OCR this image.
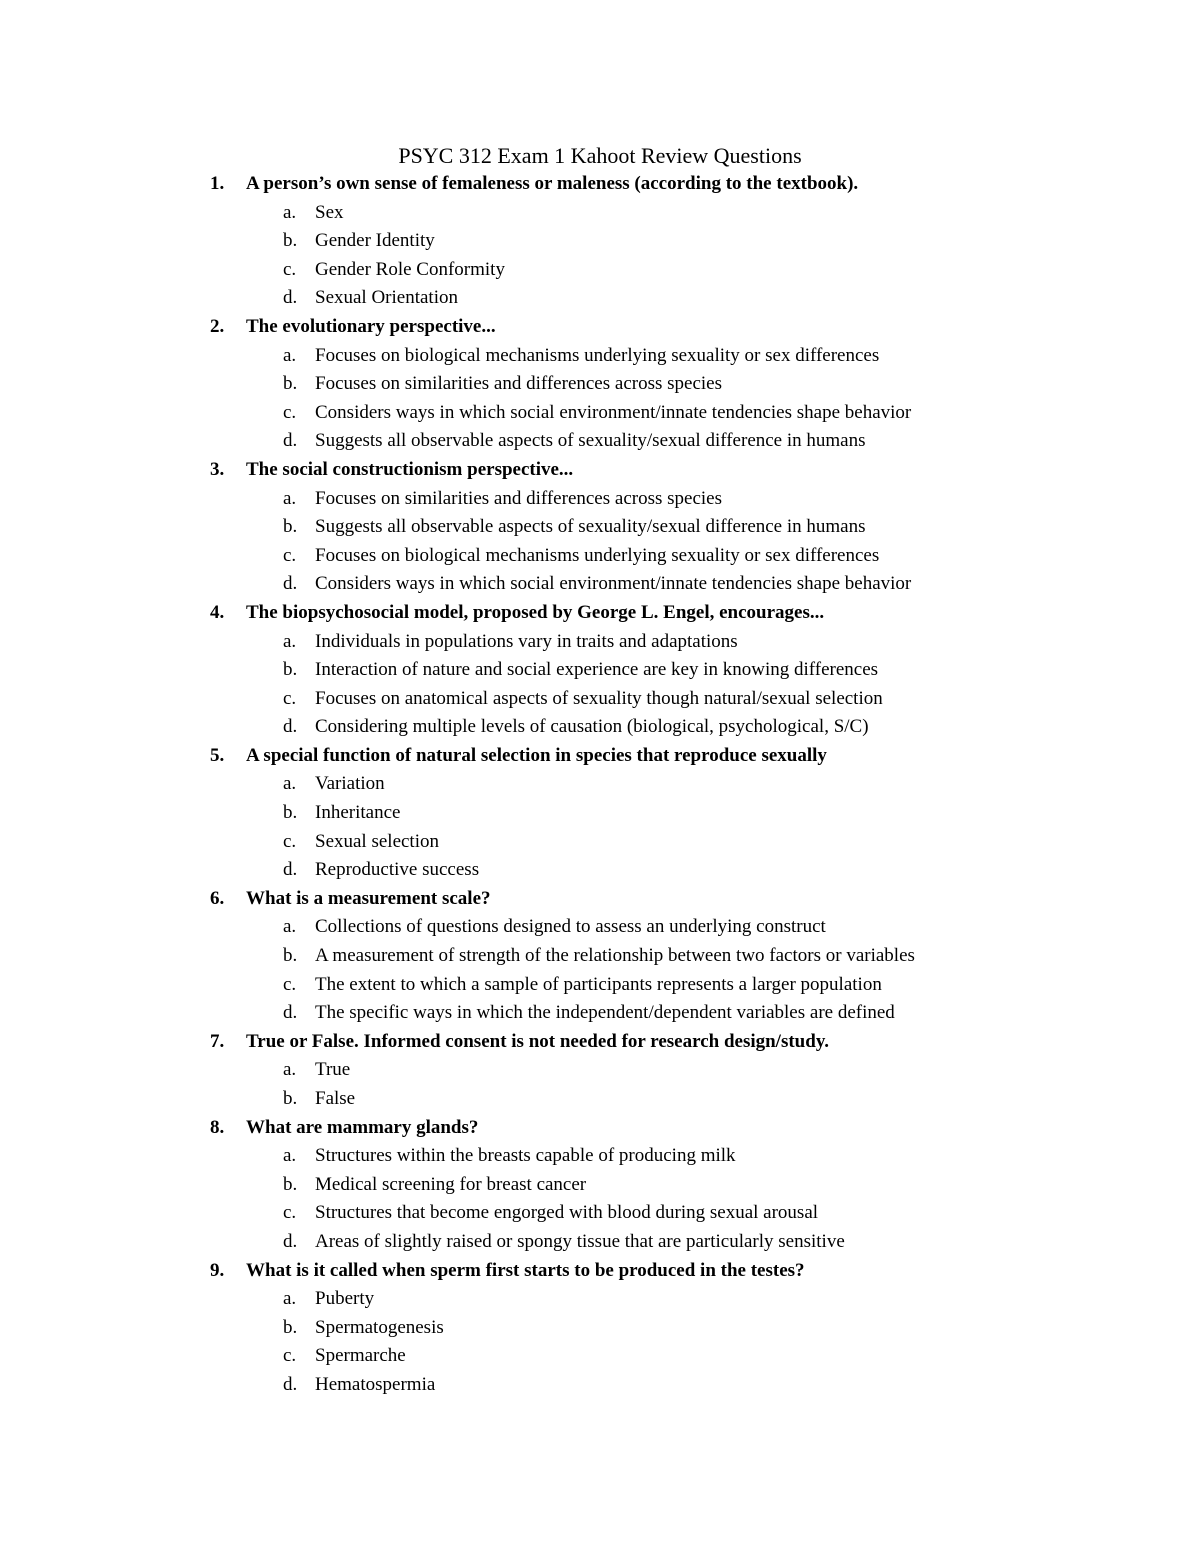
PSYC 312 Exam 1 Kahoot Review Questions
1.	A person’s own sense of femaleness or maleness (according to the textbook).
a. Sex
b. Gender Identity
c. Gender Role Conformity
d. Sexual Orientation
2.	The evolutionary perspective...
a. Focuses on biological mechanisms underlying sexuality or sex differences
b. Focuses on similarities and differences across species
c. Considers ways in which social environment/innate tendencies shape behavior
d. Suggests all observable aspects of sexuality/sexual difference in humans
3.	The social constructionism perspective...
a. Focuses on similarities and differences across species
b. Suggests all observable aspects of sexuality/sexual difference in humans
c. Focuses on biological mechanisms underlying sexuality or sex differences
d. Considers ways in which social environment/innate tendencies shape behavior
4.	The biopsychosocial model, proposed by George L. Engel, encourages...
a. Individuals in populations vary in traits and adaptations
b. Interaction of nature and social experience are key in knowing differences
c. Focuses on anatomical aspects of sexuality though natural/sexual selection
d. Considering multiple levels of causation (biological, psychological, S/C)
5.	A special function of natural selection in species that reproduce sexually
a. Variation
b. Inheritance
c. Sexual selection
d. Reproductive success
6.	What is a measurement scale?
a. Collections of questions designed to assess an underlying construct
b. A measurement of strength of the relationship between two factors or variables
c. The extent to which a sample of participants represents a larger population
d. The specific ways in which the independent/dependent variables are defined
7.	True or False. Informed consent is not needed for research design/study.
a. True
b. False
8.	What are mammary glands?
a. Structures within the breasts capable of producing milk
b. Medical screening for breast cancer
c. Structures that become engorged with blood during sexual arousal
d. Areas of slightly raised or spongy tissue that are particularly sensitive
9.	What is it called when sperm first starts to be produced in the testes?
a. Puberty
b. Spermatogenesis
c. Spermarche
d. Hematospermia
